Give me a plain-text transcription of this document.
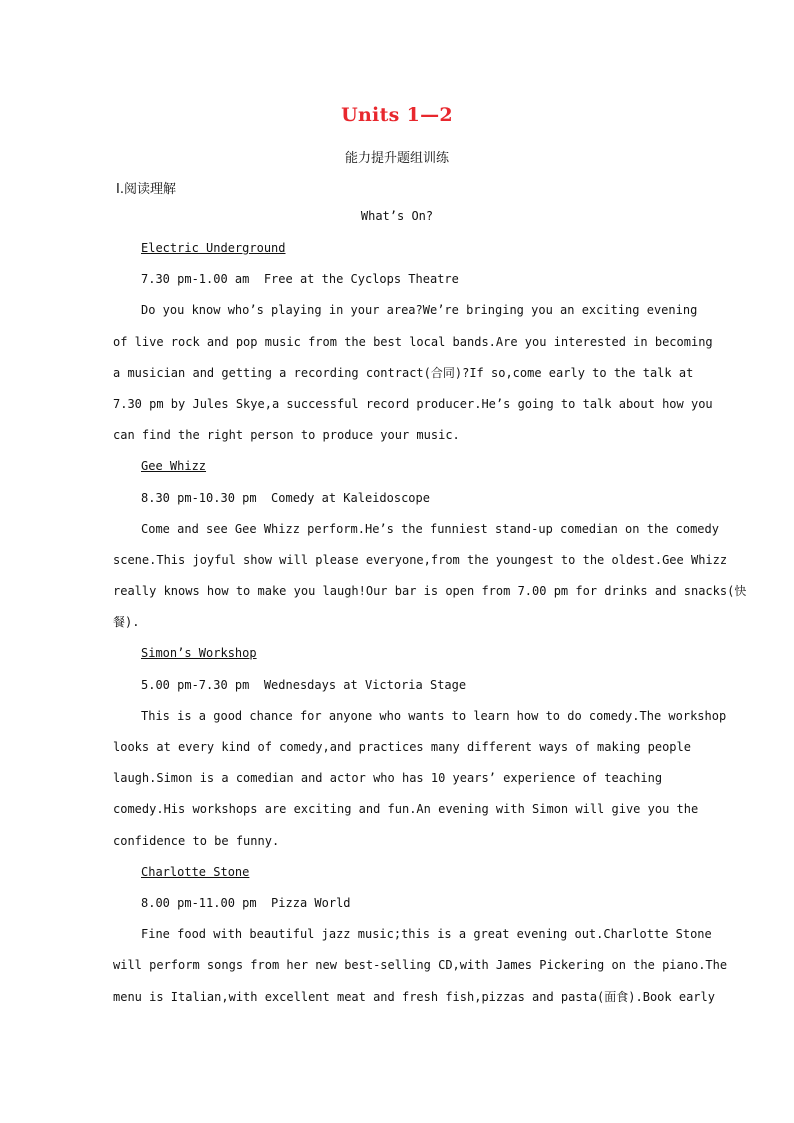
Units 1—2
能力提升题组训练
Ⅰ.阅读理解
What’s On?
Electric Underground
7.30 pm-1.00 am  Free at the Cyclops Theatre
Do you know who’s playing in your area?We’re bringing you an exciting evening
of live rock and pop music from the best local bands.Are you interested in becoming
a musician and getting a recording contract(合同)?If so,come early to the talk at
7.30 pm by Jules Skye,a successful record producer.He’s going to talk about how you
can find the right person to produce your music.
Gee Whizz
8.30 pm-10.30 pm  Comedy at Kaleidoscope
Come and see Gee Whizz perform.He’s the funniest stand-up comedian on the comedy
scene.This joyful show will please everyone,from the youngest to the oldest.Gee Whizz
really knows how to make you laugh!Our bar is open from 7.00 pm for drinks and snacks(快
餐).
Simon’s Workshop
5.00 pm-7.30 pm  Wednesdays at Victoria Stage
This is a good chance for anyone who wants to learn how to do comedy.The workshop
looks at every kind of comedy,and practices many different ways of making people
laugh.Simon is a comedian and actor who has 10 years’ experience of teaching
comedy.His workshops are exciting and fun.An evening with Simon will give you the
confidence to be funny.
Charlotte Stone
8.00 pm-11.00 pm  Pizza World
Fine food with beautiful jazz music;this is a great evening out.Charlotte Stone
will perform songs from her new best-selling CD,with James Pickering on the piano.The
menu is Italian,with excellent meat and fresh fish,pizzas and pasta(面食).Book early
